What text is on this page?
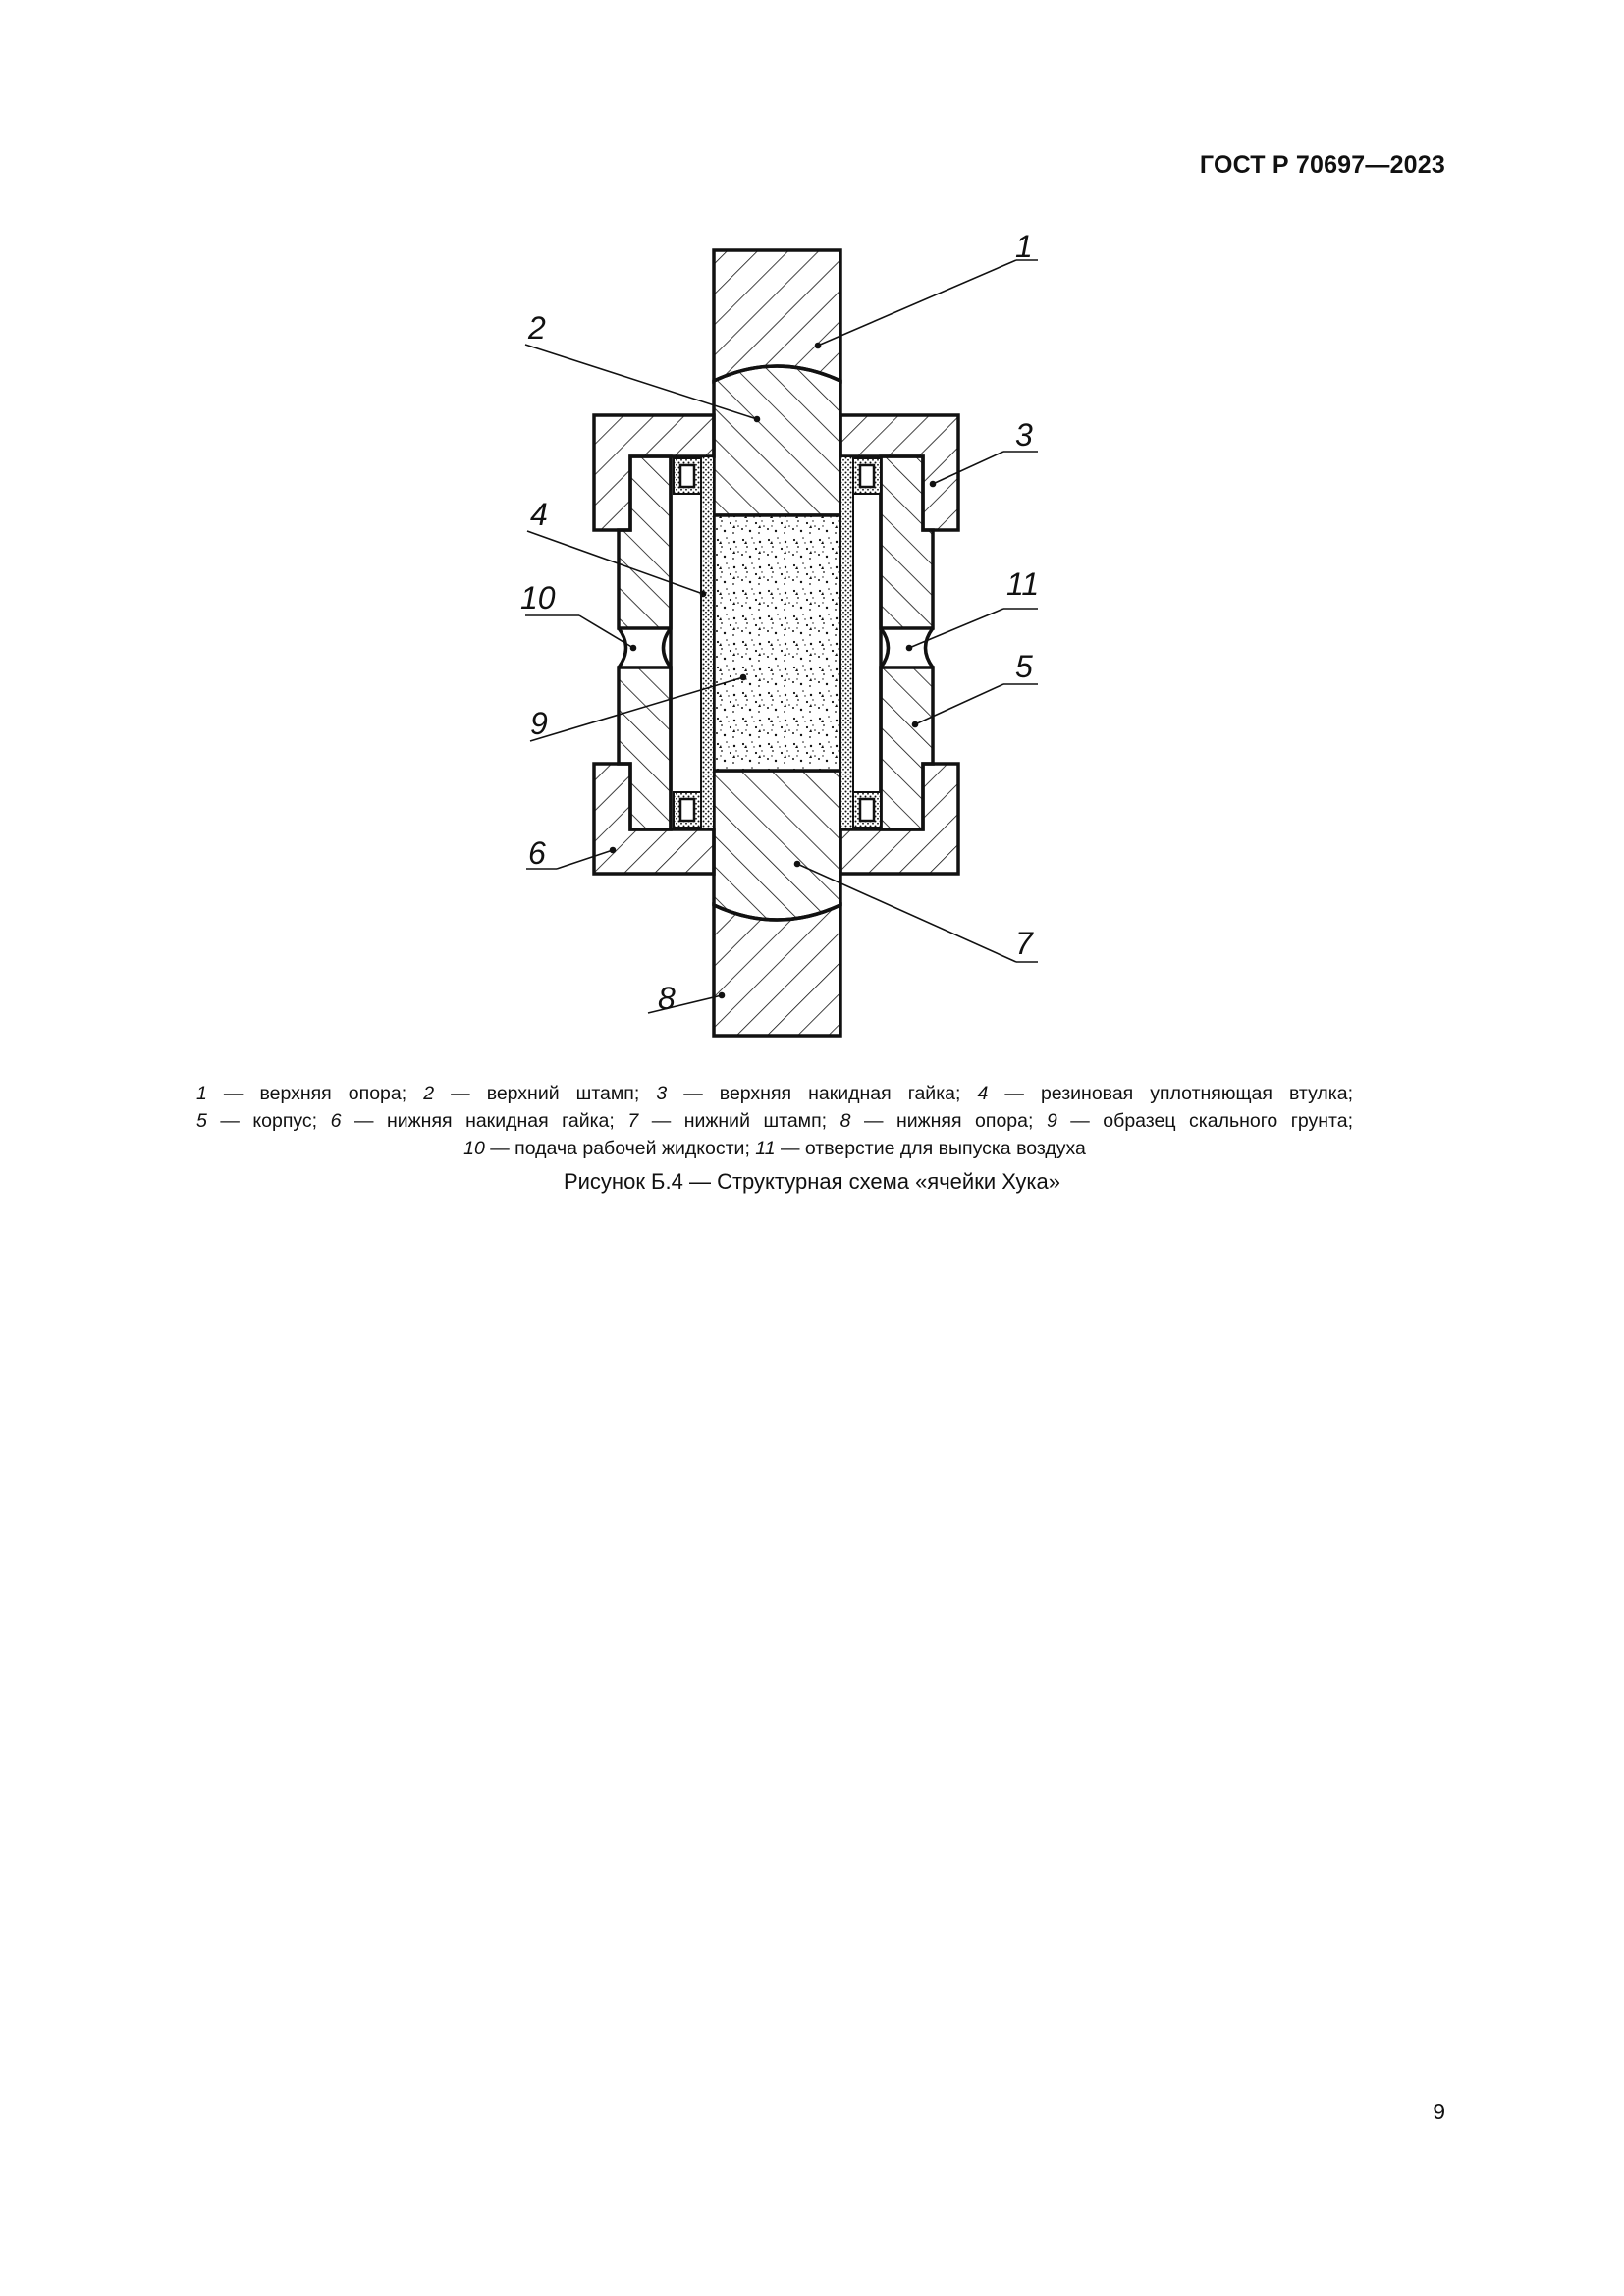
ГОСТ Р 70697—2023
1
2
3
4
10	11
5
9
6
7
8
1 — верхняя опора; 2 — верхний штамп; 3 — верхняя накидная гайка; 4 — резиновая уплотняющая втулка;
5 — корпус; 6 — нижняя накидная гайка; 7 — нижний штамп; 8 — нижняя опора; 9 — образец скального грунта;
10 — подача рабочей жидкости; 11 — отверстие для выпуска воздуха
Рисунок Б.4 — Структурная схема «ячейки Хука»
9
